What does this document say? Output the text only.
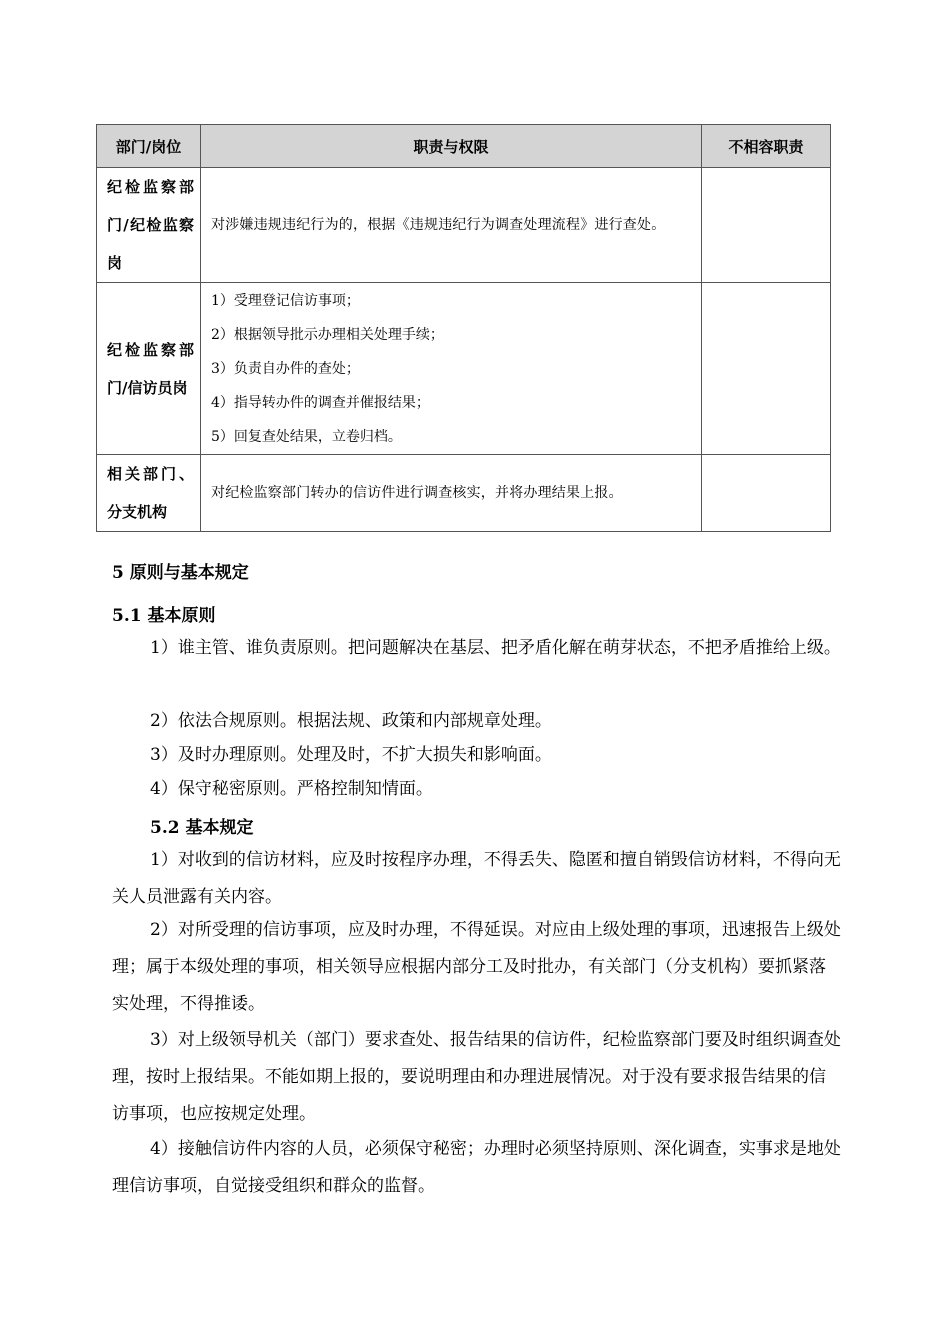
部门/岗位	职责与权限	不相容职责
纪检监察部门/纪检监察岗	对涉嫌违规违纪行为的，根据《违规违纪行为调查处理流程》进行查处。	
纪检监察部门/信访员岗	1）受理登记信访事项；
2）根据领导批示办理相关处理手续；
3）负责自办件的查处；
4）指导转办件的调查并催报结果；
5）回复查处结果，立卷归档。	

相关部门、分支机构	对纪检监察部门转办的信访件进行调查核实，并将办理结果上报。	
5 原则与基本规定
5.1 基本原则
1）谁主管、谁负责原则。把问题解决在基层、把矛盾化解在萌芽状态，不把矛盾推给上级。
2）依法合规原则。根据法规、政策和内部规章处理。
3）及时办理原则。处理及时，不扩大损失和影响面。
4）保守秘密原则。严格控制知情面。
5.2 基本规定
1）对收到的信访材料，应及时按程序办理，不得丢失、隐匿和擅自销毁信访材料，不得向无关人员泄露有关内容。
2）对所受理的信访事项，应及时办理，不得延误。对应由上级处理的事项，迅速报告上级处理；属于本级处理的事项，相关领导应根据内部分工及时批办，有关部门（分支机构）要抓紧落实处理，不得推诿。
3）对上级领导机关（部门）要求查处、报告结果的信访件，纪检监察部门要及时组织调查处理，按时上报结果。不能如期上报的，要说明理由和办理进展情况。对于没有要求报告结果的信访事项，也应按规定处理。
4）接触信访件内容的人员，必须保守秘密；办理时必须坚持原则、深化调查，实事求是地处理信访事项，自觉接受组织和群众的监督。
